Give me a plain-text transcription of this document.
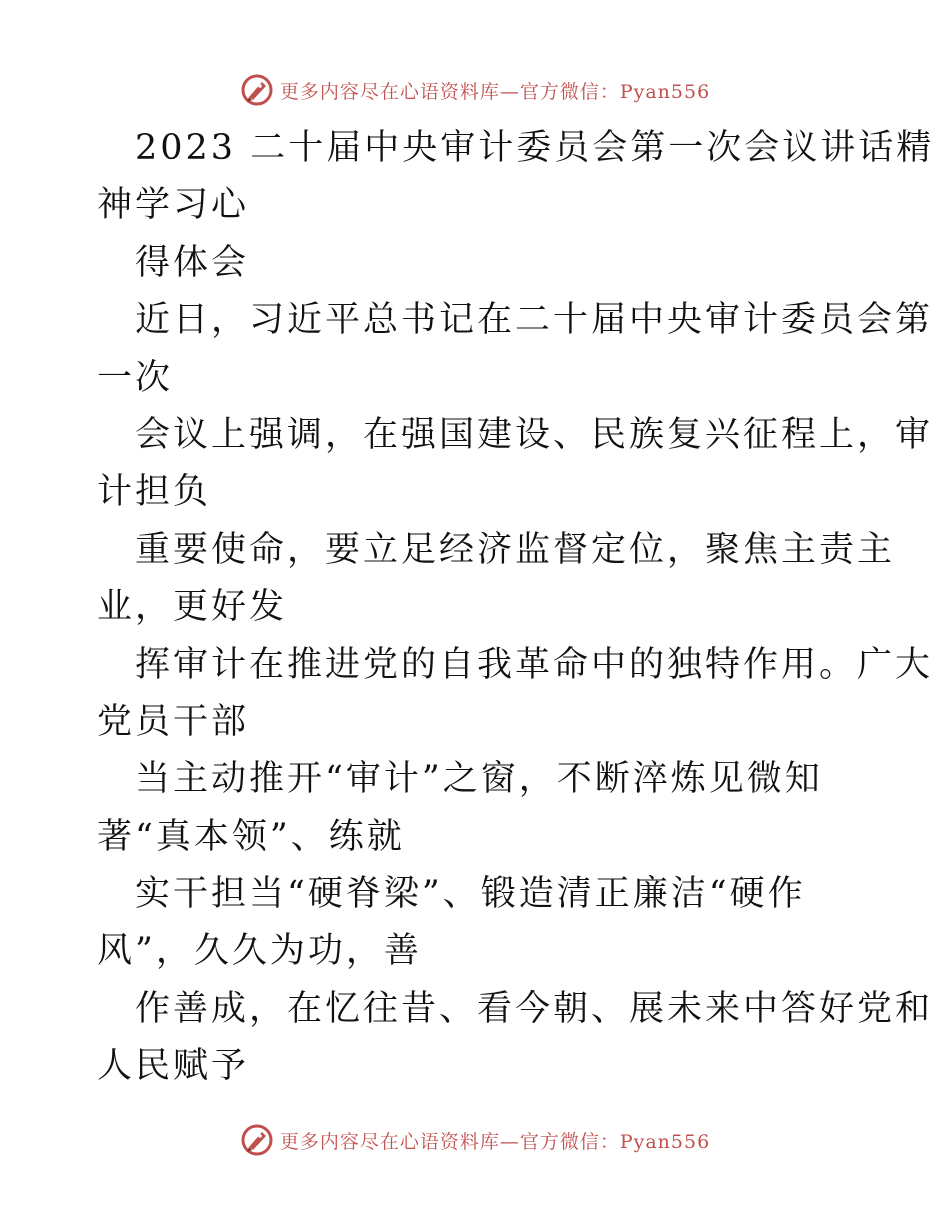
更多内容尽在心语资料库—官方微信：Pyan556
2023 二十届中央审计委员会第一次会议讲话精
神学习心
得体会
近日，习近平总书记在二十届中央审计委员会第
一次
会议上强调，在强国建设、民族复兴征程上，审
计担负
重要使命，要立足经济监督定位，聚焦主责主
业，更好发
挥审计在推进党的自我革命中的独特作用。广大
党员干部
当主动推开“审计”之窗，不断淬炼见微知
著“真本领”、练就
实干担当“硬脊梁”、锻造清正廉洁“硬作
风”，久久为功，善
作善成，在忆往昔、看今朝、展未来中答好党和
人民赋予
更多内容尽在心语资料库—官方微信：Pyan556
